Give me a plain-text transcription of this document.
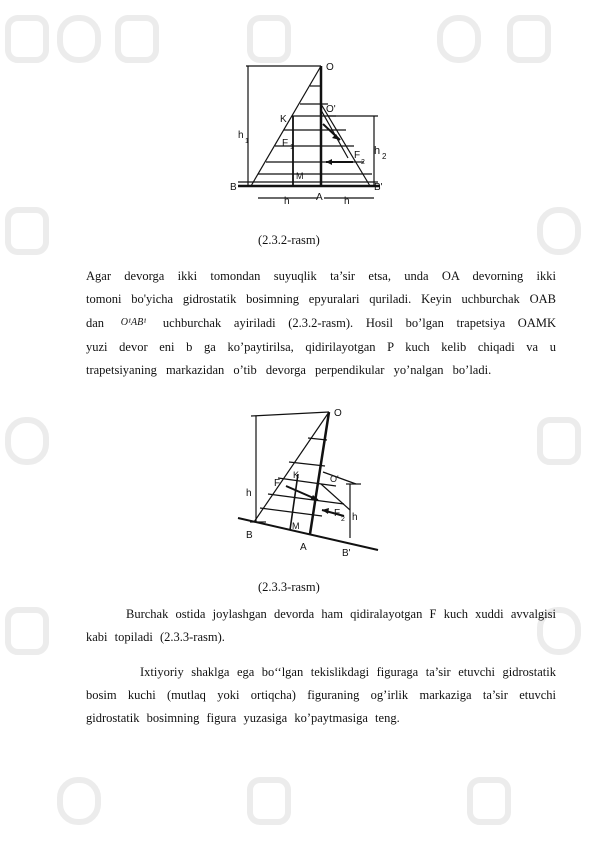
O
O'
K
F 1
F
2
h
1
h 2
M
B	B'
A
h	h
(2.3.2-rasm)

Agar devorga ikki tomondan suyuqlik ta’sir etsa, unda OA devorning ikki tomoni bo'yicha gidrostatik bosimning epyuralari quriladi. Keyin uchburchak OAB dan O¹AB¹ uchburchak ayiriladi (2.3.2-rasm). Hosil bo’lgan trapetsiya OAMK yuzi devor eni b ga ko’paytirilsa, qidirilayotgan P kuch kelib chiqadi va u trapetsiyaning markazidan o’tib devorga perpendikular yo’nalgan bo’ladi.

O
O'
K
F
F
2
h
h
M
B
B'
A
(2.3.3-rasm)

Burchak ostida joylashgan devorda ham qidiralayotgan F kuch xuddi avvalgisi kabi topiladi (2.3.3-rasm).

Ixtiyoriy shaklga ega bo‘‘lgan tekislikdagi figuraga ta’sir etuvchi gidrostatik bosim kuchi (mutlaq yoki ortiqcha) figuraning og’irlik markaziga ta’sir etuvchi gidrostatik bosimning figura yuzasiga ko’paytmasiga teng.
